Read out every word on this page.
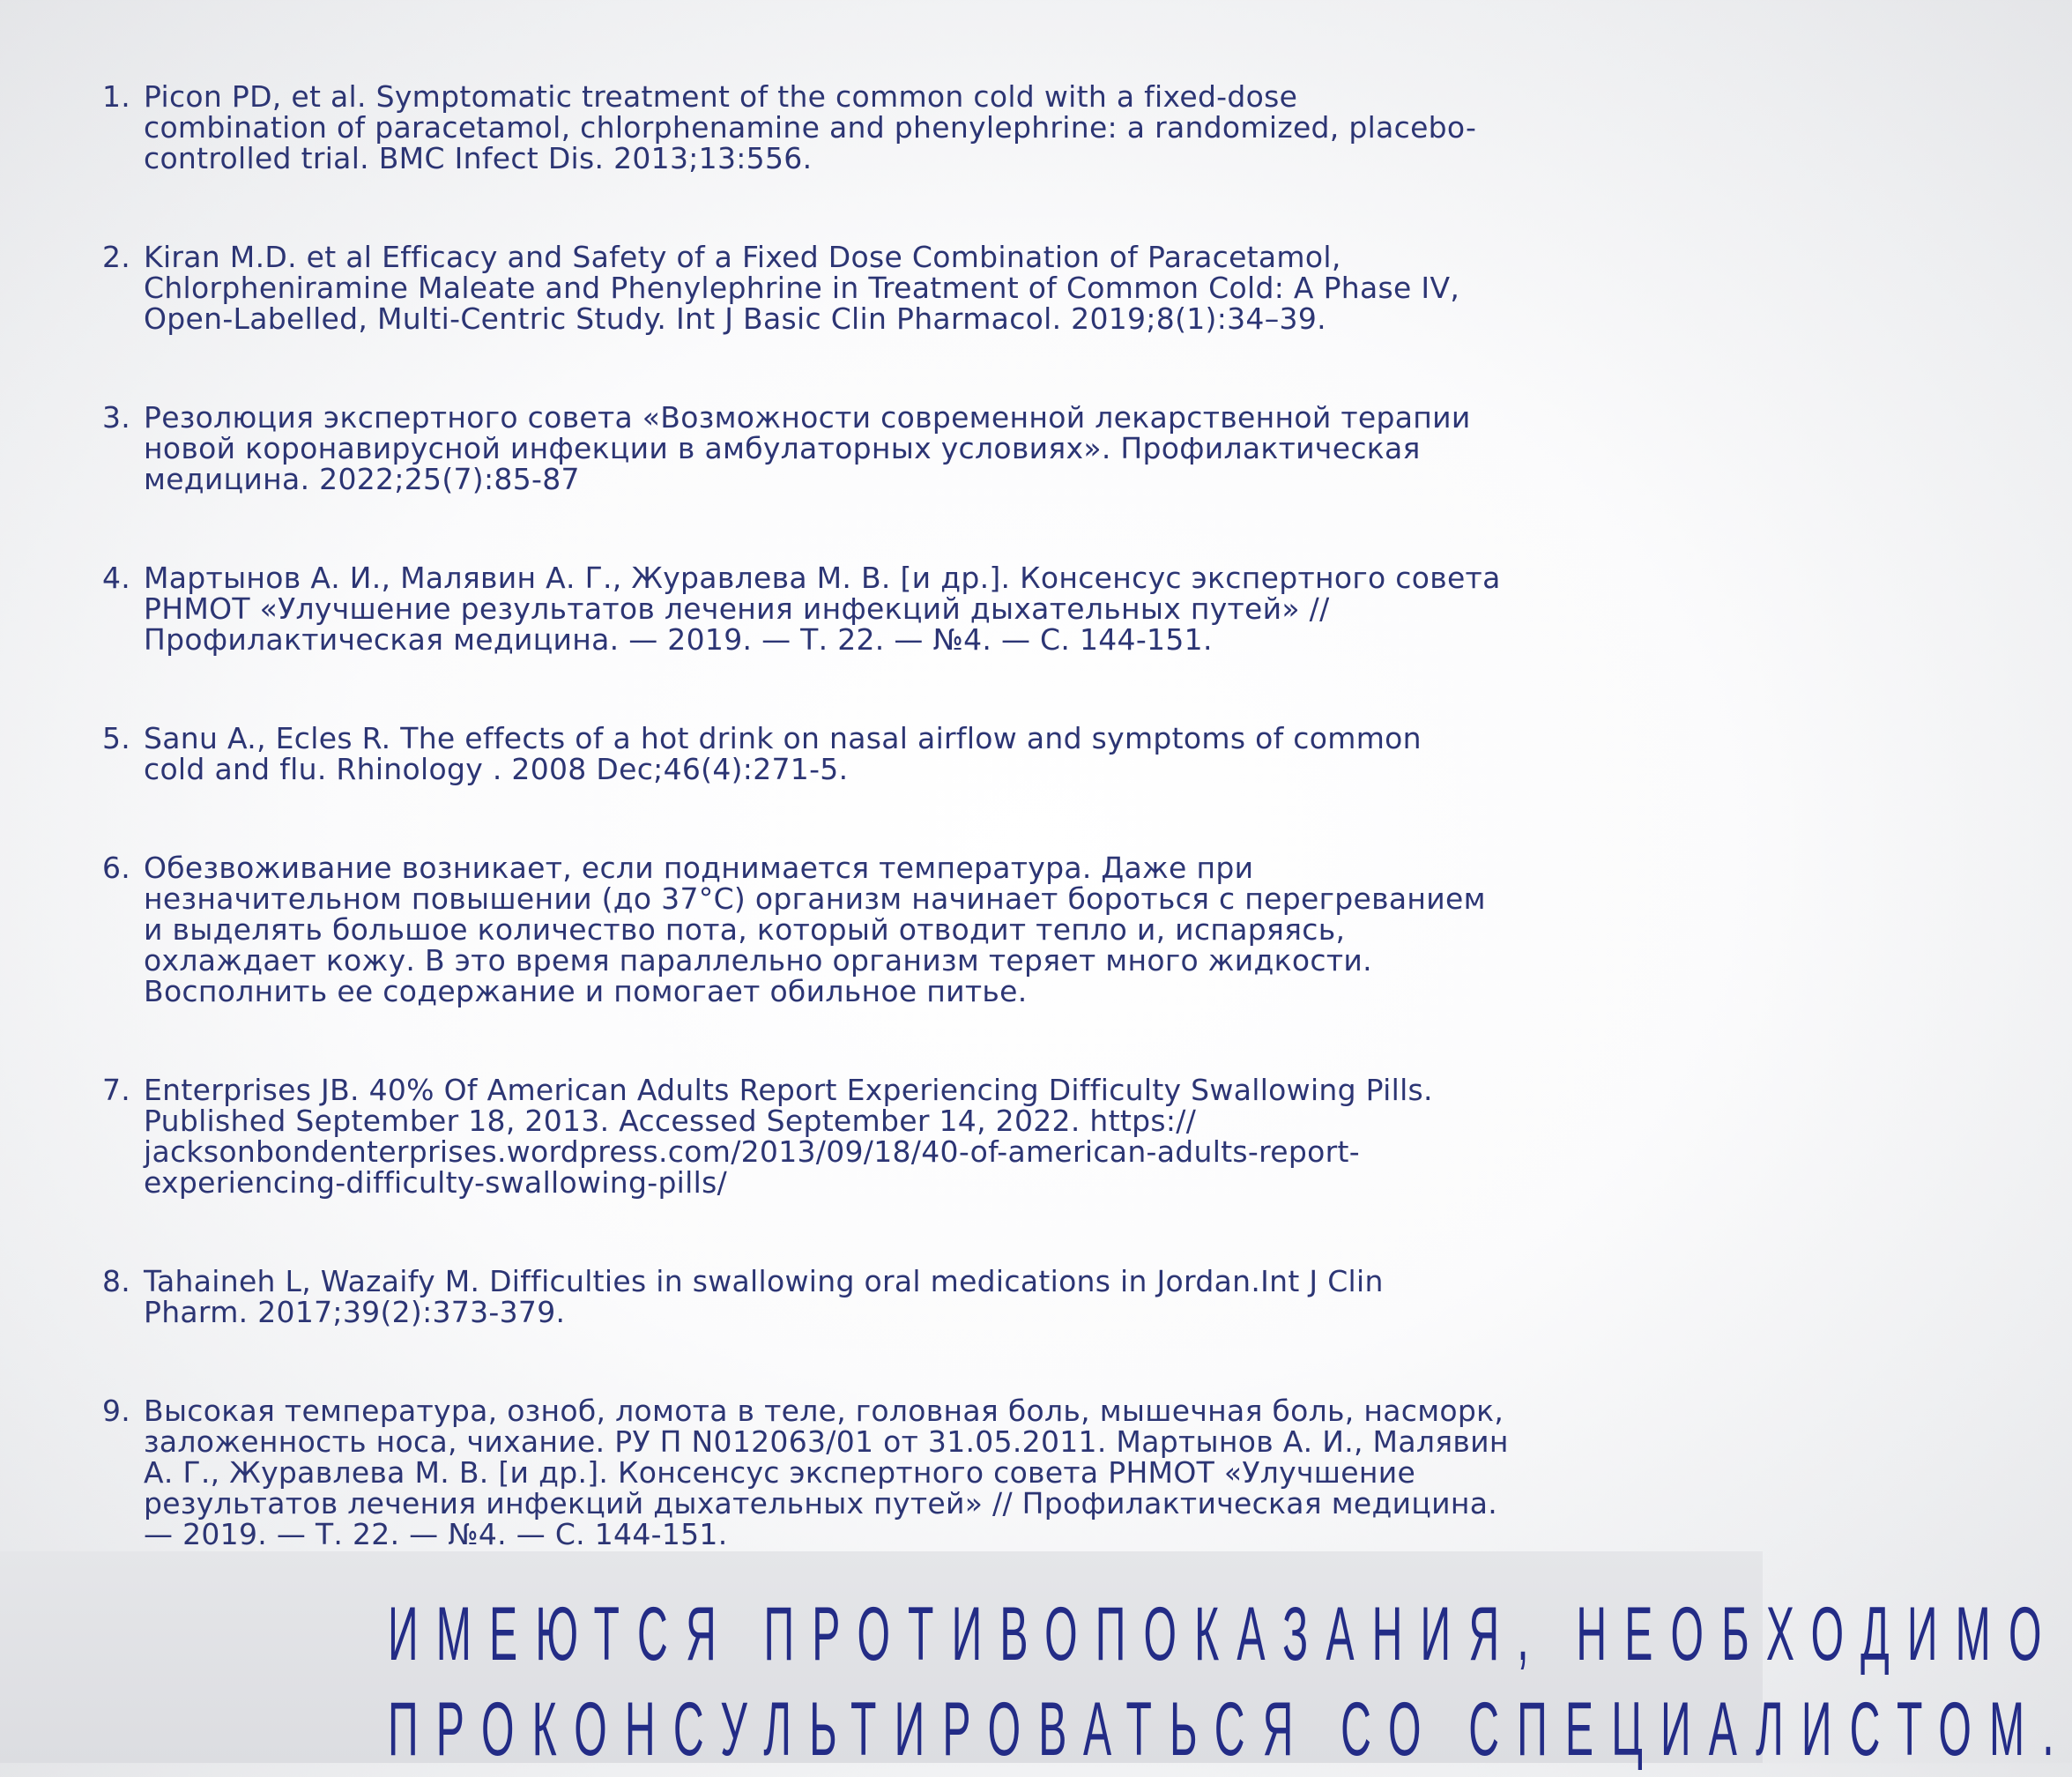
1. Picon PD, et al. Symptomatic treatment of the common cold with a fixed-dose
combination of paracetamol, chlorphenamine and phenylephrine: a randomized, placebo-
controlled trial. BMC Infect Dis. 2013;13:556.
2. Kiran M.D. et al Efficacy and Safety of a Fixed Dose Combination of Paracetamol,
Chlorpheniramine Maleate and Phenylephrine in Treatment of Common Cold: A Phase IV,
Open-Labelled, Multi-Centric Study. Int J Basic Clin Pharmacol. 2019;8(1):34–39.
3. Резолюция экспертного совета «Возможности современной лекарственной терапии
новой коронавирусной инфекции в амбулаторных условиях». Профилактическая
медицина. 2022;25(7):85-87
4. Мартынов А. И., Малявин А. Г., Журавлева М. В. [и др.]. Консенсус экспертного совета
РНМОТ «Улучшение результатов лечения инфекций дыхательных путей» //
Профилактическая медицина. — 2019. — Т. 22. — №4. — С. 144-151.
5. Sanu A., Ecles R. The effects of a hot drink on nasal airflow and symptoms of common
cold and flu. Rhinology . 2008 Dec;46(4):271-5.
6. Обезвоживание возникает, если поднимается температура. Даже при
незначительном повышении (до 37°С) организм начинает бороться с перегреванием
и выделять большое количество пота, который отводит тепло и, испаряясь,
охлаждает кожу. В это время параллельно организм теряет много жидкости.
Восполнить ее содержание и помогает обильное питье.
7. Enterprises JB. 40% Of American Adults Report Experiencing Difficulty Swallowing Pills.
Published September 18, 2013. Accessed September 14, 2022. https://
jacksonbondenterprises.wordpress.com/2013/09/18/40-of-american-adults-report-
experiencing-difficulty-swallowing-pills/
8. Tahaineh L, Wazaify M. Difficulties in swallowing oral medications in Jordan.Int J Clin
Pharm. 2017;39(2):373-379.
9. Высокая температура, озноб, ломота в теле, головная боль, мышечная боль, насморк,
заложенность носа, чихание. РУ П N012063/01 от 31.05.2011. Мартынов А. И., Малявин
А. Г., Журавлева М. В. [и др.]. Консенсус экспертного совета РНМОТ «Улучшение
результатов лечения инфекций дыхательных путей» // Профилактическая медицина.
— 2019. — Т. 22. — №4. — С. 144-151.
ИМЕЮТСЯ ПРОТИВОПОКАЗАНИЯ, НЕОБХОДИМО
ПРОКОНСУЛЬТИРОВАТЬСЯ СО СПЕЦИАЛИСТОМ.
